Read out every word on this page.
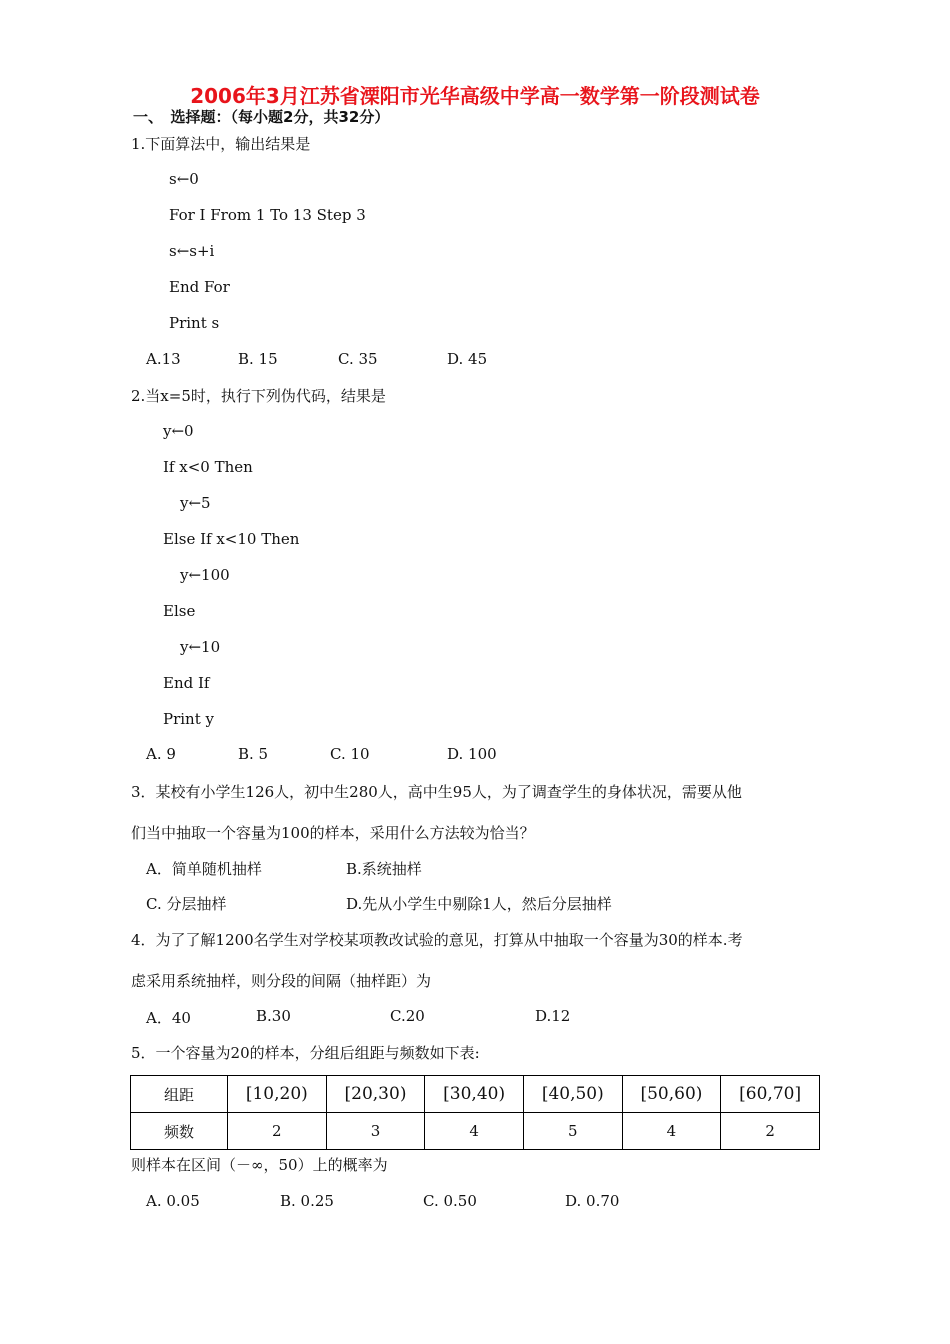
2006年3月江苏省溧阳市光华高级中学高一数学第一阶段测试卷
一、　选择题：（每小题2分，共32分）
1.下面算法中，输出结果是
s←0
For I From 1 To 13 Step 3
s←s+i
End For
Print s
A.13	B. 15	C. 35	D. 45
2.当x=5时，执行下列伪代码，结果是
y←0
If x<0 Then
y←5
Else If x<10 Then
y←100
Else
y←10
End If
Print y
A. 9	B. 5	C. 10	D. 100
3．某校有小学生126人，初中生280人，高中生95人，为了调查学生的身体状况，需要从他
们当中抽取一个容量为100的样本，采用什么方法较为恰当？
A．简单随机抽样	B.系统抽样
C. 分层抽样	D.先从小学生中剔除1人，然后分层抽样
4．为了了解1200名学生对学校某项教改试验的意见，打算从中抽取一个容量为30的样本.考
虑采用系统抽样，则分段的间隔（抽样距）为
A．40	B.30	C.20	D.12
5．一个容量为20的样本，分组后组距与频数如下表:
组距	[10,20)	[20,30)	[30,40)	[40,50)	[50,60)	[60,70]
频数	2	3	4	5	4	2
则样本在区间（－∞，50）上的概率为
A. 0.05	B. 0.25	C. 0.50	D. 0.70
